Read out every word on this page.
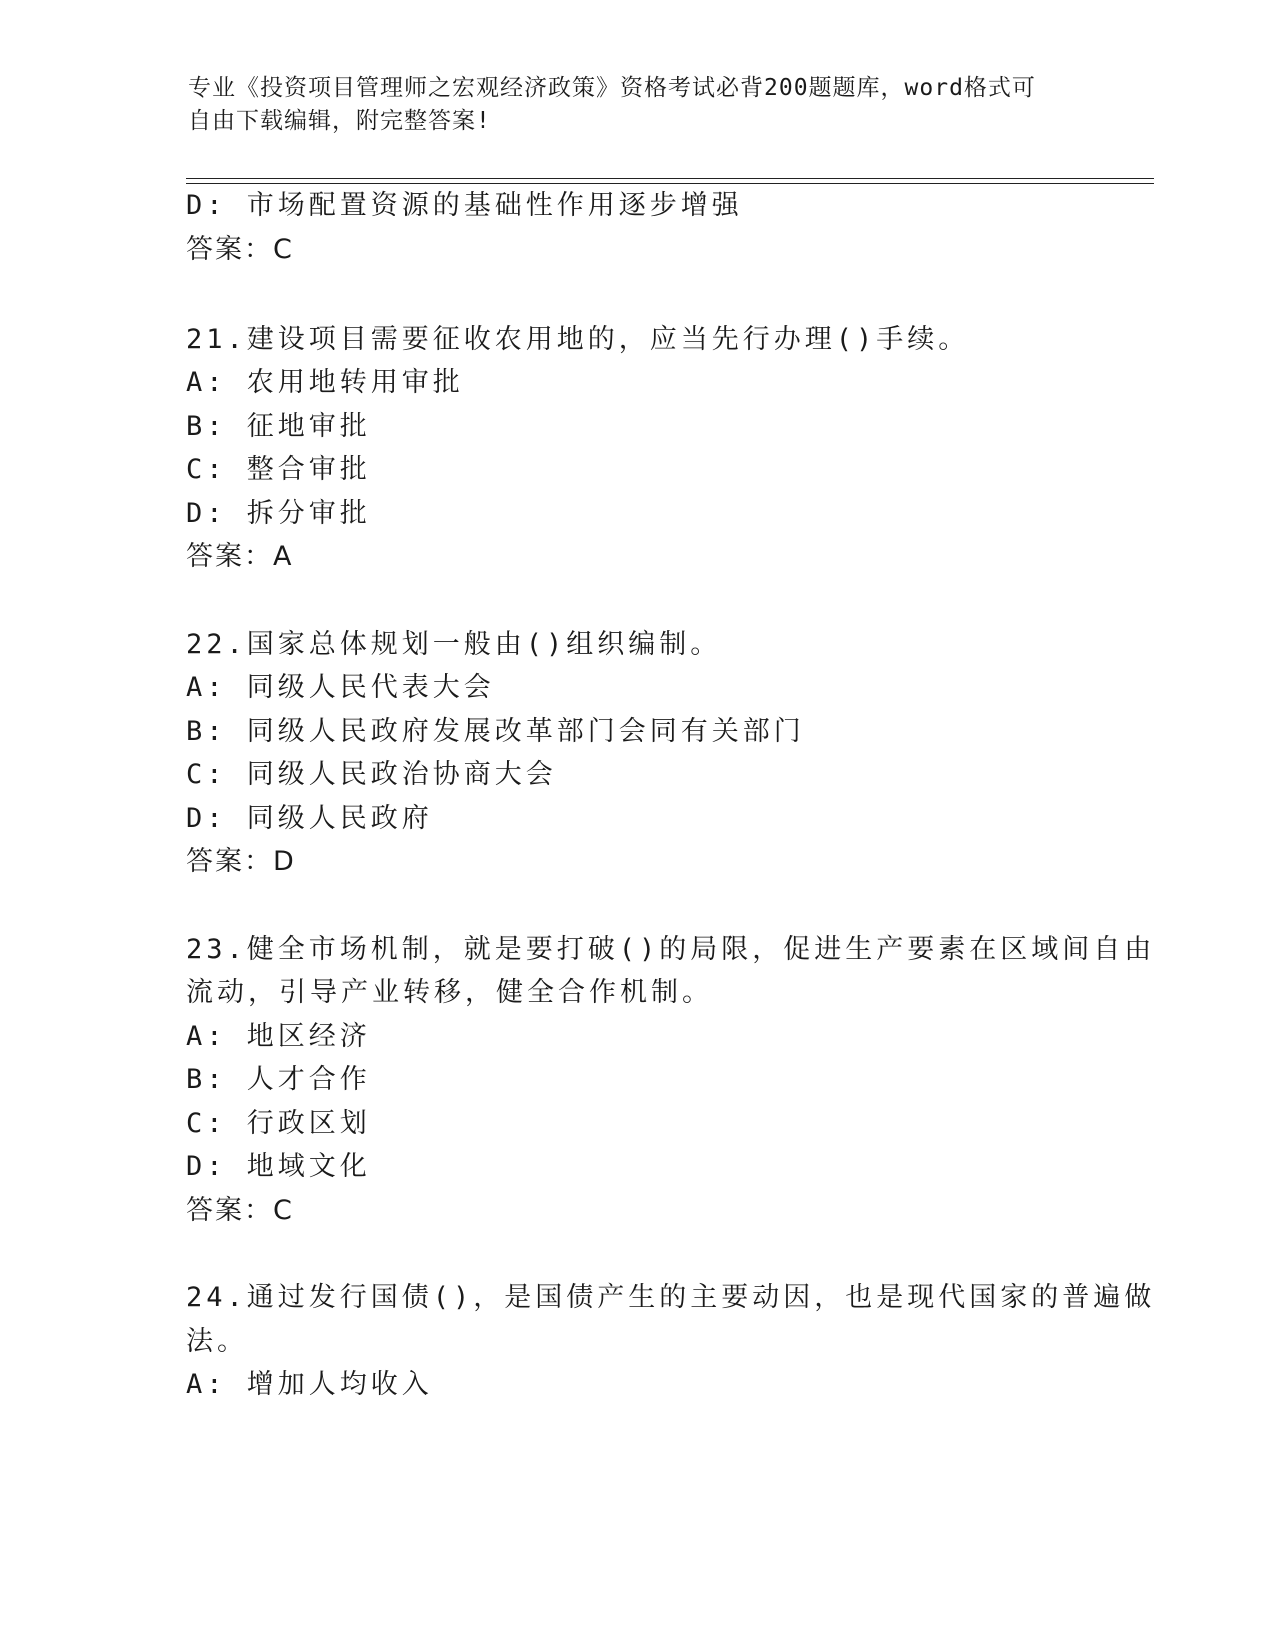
专业《投资项目管理师之宏观经济政策》资格考试必背200题题库，word格式可
自由下载编辑，附完整答案!
D: 市场配置资源的基础性作用逐步增强
答案：C
21.建设项目需要征收农用地的，应当先行办理()手续。
A: 农用地转用审批
B: 征地审批
C: 整合审批
D: 拆分审批
答案：A
22.国家总体规划一般由()组织编制。
A: 同级人民代表大会
B: 同级人民政府发展改革部门会同有关部门
C: 同级人民政治协商大会
D: 同级人民政府
答案：D
23.健全市场机制，就是要打破()的局限，促进生产要素在区域间自由
流动，引导产业转移，健全合作机制。
A: 地区经济
B: 人才合作
C: 行政区划
D: 地域文化
答案：C
24.通过发行国债()，是国债产生的主要动因，也是现代国家的普遍做
法。
A: 增加人均收入
